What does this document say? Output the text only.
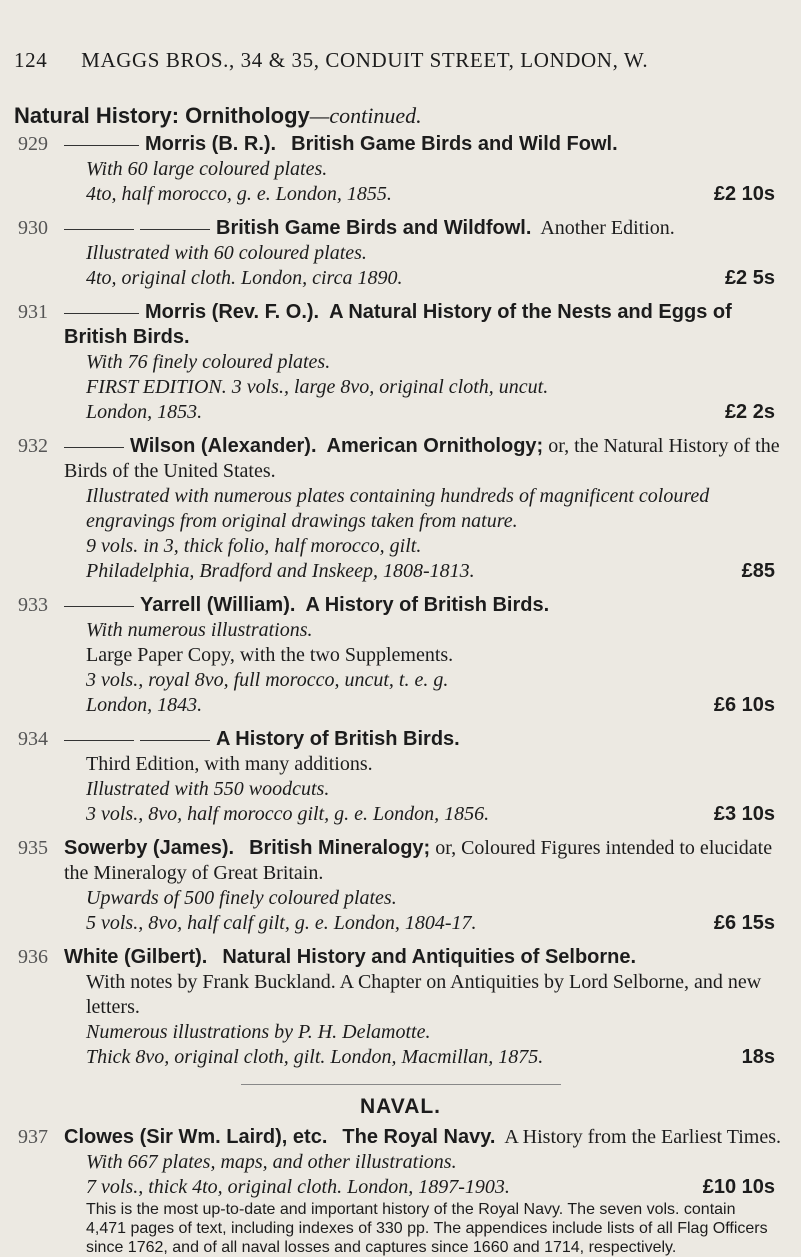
124 MAGGS BROS., 34 & 35, CONDUIT STREET, LONDON, W.
Natural History: Ornithology—continued.
929	Morris (B. R.). British Game Birds and Wild Fowl.
With 60 large coloured plates.
4to, half morocco, g. e. London, 1855.	£2 10s
930	British Game Birds and Wildfowl. Another Edition.
Illustrated with 60 coloured plates.
4to, original cloth. London, circa 1890.	£2 5s
931	Morris (Rev. F. O.). A Natural History of the Nests and Eggs of British Birds.
With 76 finely coloured plates.
FIRST EDITION. 3 vols., large 8vo, original cloth, uncut.
London, 1853.	£2 2s
932	Wilson (Alexander). American Ornithology; or, the Natural History of the Birds of the United States.
Illustrated with numerous plates containing hundreds of magnificent coloured engravings from original drawings taken from nature.
9 vols. in 3, thick folio, half morocco, gilt.
Philadelphia, Bradford and Inskeep, 1808-1813.	£85
933	Yarrell (William). A History of British Birds.
With numerous illustrations.
Large Paper Copy, with the two Supplements.
3 vols., royal 8vo, full morocco, uncut, t. e. g.
London, 1843.	£6 10s
934	A History of British Birds.
Third Edition, with many additions.
Illustrated with 550 woodcuts.
3 vols., 8vo, half morocco gilt, g. e. London, 1856.	£3 10s
935 Sowerby (James). British Mineralogy; or, Coloured Figures intended to elucidate the Mineralogy of Great Britain.
Upwards of 500 finely coloured plates.
5 vols., 8vo, half calf gilt, g. e. London, 1804-17.	£6 15s
936 White (Gilbert). Natural History and Antiquities of Selborne.
With notes by Frank Buckland. A Chapter on Antiquities by Lord Selborne, and new letters.
Numerous illustrations by P. H. Delamotte.
Thick 8vo, original cloth, gilt. London, Macmillan, 1875.	18s
NAVAL.
937 Clowes (Sir Wm. Laird), etc. The Royal Navy. A History from the Earliest Times.
With 667 plates, maps, and other illustrations.
7 vols., thick 4to, original cloth. London, 1897-1903.	£10 10s
This is the most up-to-date and important history of the Royal Navy. The seven vols. contain 4,471 pages of text, including indexes of 330 pp. The appendices include lists of all Flag Officers since 1762, and of all naval losses and captures since 1660 and 1714, respectively.
